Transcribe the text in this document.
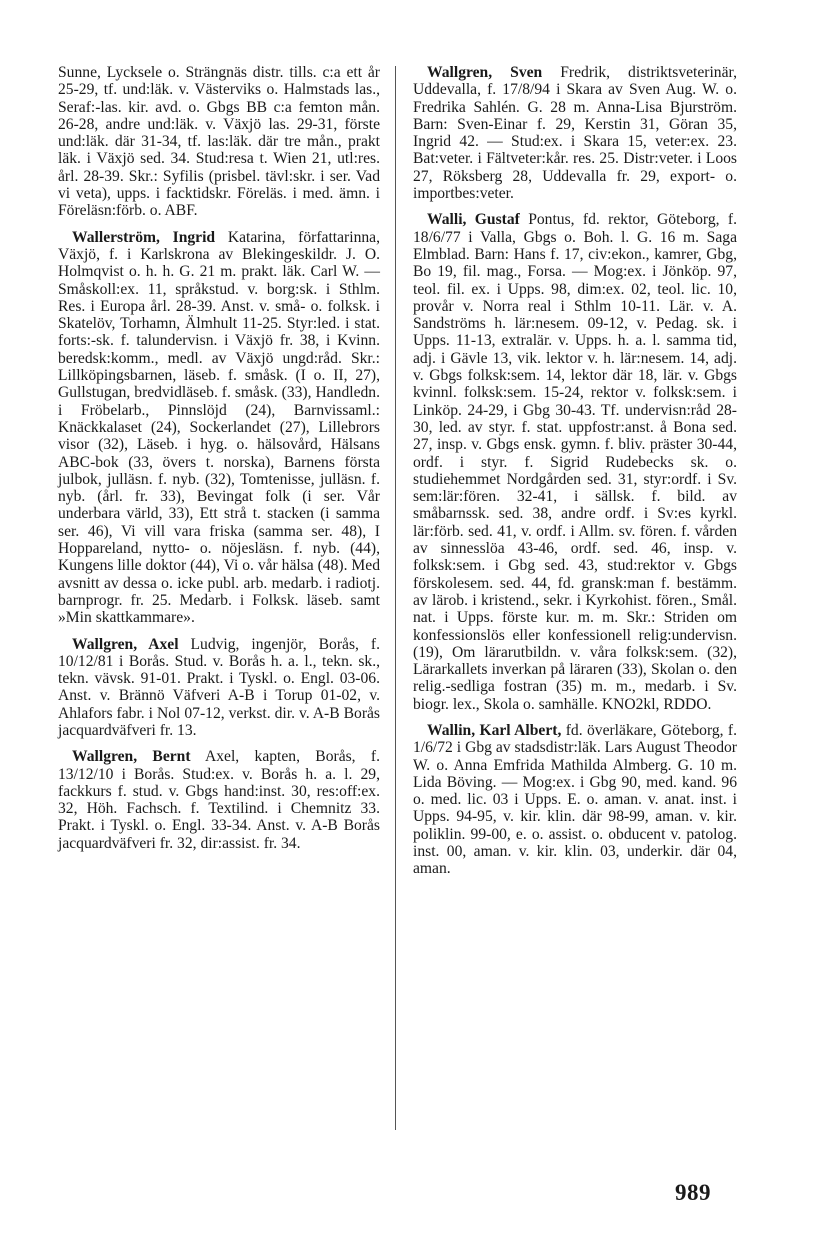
Sunne, Lycksele o. Strängnäs distr. tills. c:a ett år 25-29, tf. und:läk. v. Västerviks o. Halmstads las., Seraf:-las. kir. avd. o. Gbgs BB c:a femton mån. 26-28, andre und:läk. v. Växjö las. 29-31, förste und:läk. där 31-34, tf. las:läk. där tre mån., prakt läk. i Växjö sed. 34. Stud:resa t. Wien 21, utl:res. årl. 28-39. Skr.: Syfilis (prisbel. tävl:skr. i ser. Vad vi veta), upps. i facktidskr. Föreläs. i med. ämn. i Föreläsn:förb. o. ABF.

Wallerström, Ingrid Katarina, författarinna, Växjö, f. i Karlskrona av Blekingeskildr. J. O. Holmqvist o. h. h. G. 21 m. prakt. läk. Carl W. — Småskoll:ex. 11, språkstud. v. borg:sk. i Sthlm. Res. i Europa årl. 28-39. Anst. v. små- o. folksk. i Skatelöv, Torhamn, Älmhult 11-25. Styr:led. i stat. forts:-sk. f. talundervisn. i Växjö fr. 38, i Kvinn. beredsk:komm., medl. av Växjö ungd:råd. Skr.: Lillköpingsbarnen, läseb. f. småsk. (I o. II, 27), Gullstugan, bredvidläseb. f. småsk. (33), Handledn. i Fröbelarb., Pinnslöjd (24), Barnvissaml.: Knäckkalaset (24), Sockerlandet (27), Lillebrors visor (32), Läseb. i hyg. o. hälsovård, Hälsans ABC-bok (33, övers t. norska), Barnens första julbok, julläsn. f. nyb. (32), Tomtenisse, julläsn. f. nyb. (årl. fr. 33), Bevingat folk (i ser. Vår underbara värld, 33), Ett strå t. stacken (i samma ser. 46), Vi vill vara friska (samma ser. 48), I Hoppareland, nytto- o. nöjesläsn. f. nyb. (44), Kungens lille doktor (44), Vi o. vår hälsa (48). Med avsnitt av dessa o. icke publ. arb. medarb. i radiotj. barnprogr. fr. 25. Medarb. i Folksk. läseb. samt »Min skattkammare».

Wallgren, Axel Ludvig, ingenjör, Borås, f. 10/12/81 i Borås. Stud. v. Borås h. a. l., tekn. sk., tekn. vävsk. 91-01. Prakt. i Tyskl. o. Engl. 03-06. Anst. v. Brännö Väfveri A-B i Torup 01-02, v. Ahlafors fabr. i Nol 07-12, verkst. dir. v. A-B Borås jacquardväfveri fr. 13.

Wallgren, Bernt Axel, kapten, Borås, f. 13/12/10 i Borås. Stud:ex. v. Borås h. a. l. 29, fackkurs f. stud. v. Gbgs hand:inst. 30, res:off:ex. 32, Höh. Fachsch. f. Textilind. i Chemnitz 33. Prakt. i Tyskl. o. Engl. 33-34. Anst. v. A-B Borås jacquardväfveri fr. 32, dir:assist. fr. 34.

Wallgren, Sven Fredrik, distriktsveterinär, Uddevalla, f. 17/8/94 i Skara av Sven Aug. W. o. Fredrika Sahlén. G. 28 m. Anna-Lisa Bjurström. Barn: Sven-Einar f. 29, Kerstin 31, Göran 35, Ingrid 42. — Stud:ex. i Skara 15, veter:ex. 23. Bat:veter. i Fältveter:kår. res. 25. Distr:veter. i Loos 27, Röksberg 28, Uddevalla fr. 29, export- o. importbes:veter.

Walli, Gustaf Pontus, fd. rektor, Göteborg, f. 18/6/77 i Valla, Gbgs o. Boh. l. G. 16 m. Saga Elmblad. Barn: Hans f. 17, civ:ekon., kamrer, Gbg, Bo 19, fil. mag., Forsa. — Mog:ex. i Jönköp. 97, teol. fil. ex. i Upps. 98, dim:ex. 02, teol. lic. 10, provår v. Norra real i Sthlm 10-11. Lär. v. A. Sandströms h. lär:nesem. 09-12, v. Pedag. sk. i Upps. 11-13, extralär. v. Upps. h. a. l. samma tid, adj. i Gävle 13, vik. lektor v. h. lär:nesem. 14, adj. v. Gbgs folksk:sem. 14, lektor där 18, lär. v. Gbgs kvinnl. folksk:sem. 15-24, rektor v. folksk:sem. i Linköp. 24-29, i Gbg 30-43. Tf. undervisn:råd 28-30, led. av styr. f. stat. uppfostr:anst. å Bona sed. 27, insp. v. Gbgs ensk. gymn. f. bliv. präster 30-44, ordf. i styr. f. Sigrid Rudebecks sk. o. studiehemmet Nordgården sed. 31, styr:ordf. i Sv. sem:lär:fören. 32-41, i sällsk. f. bild. av småbarnssk. sed. 38, andre ordf. i Sv:es kyrkl. lär:förb. sed. 41, v. ordf. i Allm. sv. fören. f. vården av sinnesslöa 43-46, ordf. sed. 46, insp. v. folksk:sem. i Gbg sed. 43, stud:rektor v. Gbgs förskolesem. sed. 44, fd. gransk:man f. bestämm. av lärob. i kristend., sekr. i Kyrkohist. fören., Smål. nat. i Upps. förste kur. m. m. Skr.: Striden om konfessionslös eller konfessionell relig:undervisn. (19), Om lärarutbildn. v. våra folksk:sem. (32), Lärarkallets inverkan på läraren (33), Skolan o. den relig.-sedliga fostran (35) m. m., medarb. i Sv. biogr. lex., Skola o. samhälle. KNO2kl, RDDO.

Wallin, Karl Albert, fd. överläkare, Göteborg, f. 1/6/72 i Gbg av stadsdistr:läk. Lars August Theodor W. o. Anna Emfrida Mathilda Almberg. G. 10 m. Lida Böving. — Mog:ex. i Gbg 90, med. kand. 96 o. med. lic. 03 i Upps. E. o. aman. v. anat. inst. i Upps. 94-95, v. kir. klin. där 98-99, aman. v. kir. poliklin. 99-00, e. o. assist. o. obducent v. patolog. inst. 00, aman. v. kir. klin. 03, underkir. där 04, aman.

989
